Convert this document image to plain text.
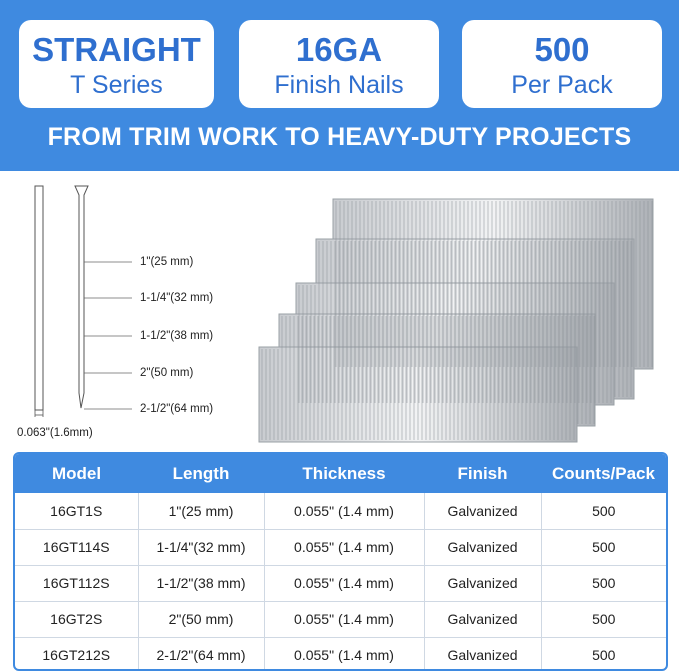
STRAIGHT
T Series
16GA
Finish Nails
500
Per Pack
FROM TRIM WORK TO HEAVY-DUTY PROJECTS
1"(25 mm)
1-1/4"(32 mm)
1-1/2"(38 mm)
2"(50 mm)
2-1/2"(64 mm)
0.063"(1.6mm)
Model	Length	Thickness	Finish	Counts/Pack
16GT1S	1"(25 mm)	0.055" (1.4 mm)	Galvanized	500
16GT114S	1-1/4"(32 mm)	0.055" (1.4 mm)	Galvanized	500
16GT112S	1-1/2"(38 mm)	0.055" (1.4 mm)	Galvanized	500
16GT2S	2"(50 mm)	0.055" (1.4 mm)	Galvanized	500
16GT212S	2-1/2"(64 mm)	0.055" (1.4 mm)	Galvanized	500
